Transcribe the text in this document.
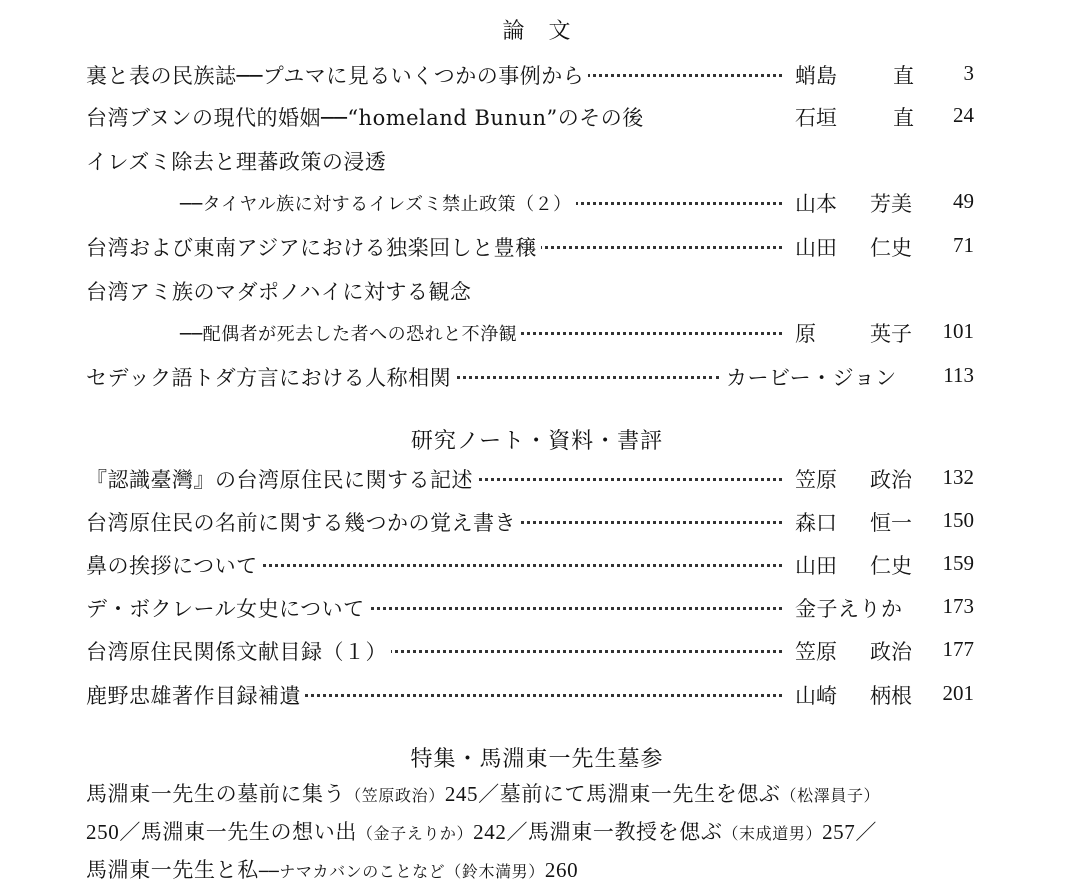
論　文
裏と表の民族誌──プユマに見るいくつかの事例から	蛸島	直	3
台湾ブヌンの現代的婚姻──“homeland Bunun”のその後	石垣	直	24
イレズミ除去と理蕃政策の浸透
──タイヤル族に対するイレズミ禁止政策（２）	山本 芳美	49
台湾および東南アジアにおける独楽回しと豊穣	山田 仁史	71
台湾アミ族のマダポノハイに対する観念
──配偶者が死去した者への恐れと不浄観	原	英子	101
セデック語トダ方言における人称相関	カービー・ジョン	113
研究ノート・資料・書評
『認識臺灣』の台湾原住民に関する記述	笠原 政治	132
台湾原住民の名前に関する幾つかの覚え書き	森口 恒一	150
鼻の挨拶について	山田 仁史	159
デ・ボクレール女史について	金子えりか	173
台湾原住民関係文献目録（１）	笠原 政治	177
鹿野忠雄著作目録補遺	山崎 柄根	201
特集・馬淵東一先生墓参
馬淵東一先生の墓前に集う（笠原政治）245／墓前にて馬淵東一先生を偲ぶ（松澤員子）
250／馬淵東一先生の想い出（金子えりか）242／馬淵東一教授を偲ぶ（末成道男）257／
馬淵東一先生と私──ナマカバンのことなど（鈴木満男）260
